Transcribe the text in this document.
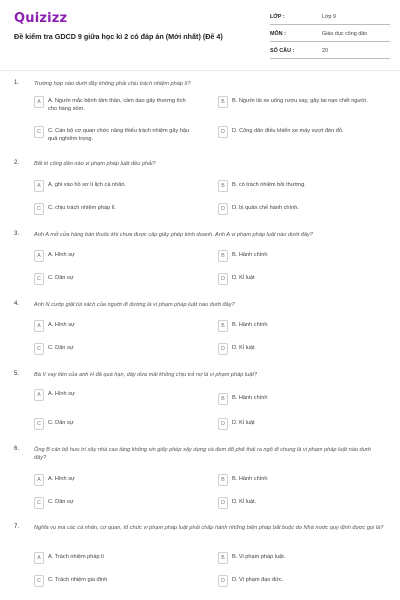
Quizizz
Đề kiểm tra GDCD 9 giữa học kì 2 có đáp án (Mới nhất) (Đề 4)
LỚP :	Lớp 9
MÔN :	Giáo dục công dân
SỐ CÂU :	20
1.	Trường hợp nào dưới đây không phải chịu trách nhiệm pháp lí?
A	A. Người mắc bệnh tâm thần, cầm dao gây thương tích cho hàng xóm.
B	B. Người lái xe uống rượu say, gây tai nạn chết người.
C	C. Cán bộ cơ quan chức năng thiếu trách nhiệm gây hậu quả nghiêm trọng.
D	D. Công dân điều khiển xe máy vượt đèn đỏ.
2.	Bất kì công dân nào vi phạm pháp luật đều phải?
A	A. ghi vào hồ sơ lí lịch cá nhân.	B	B. có trách nhiệm bồi thường.
C	C. chịu trách nhiệm pháp lí.	D	D. bị quản chế hành chính.
3.	Anh A mở cửa hàng bán thuốc khi chưa được cấp giấy phép kinh doanh. Anh A vi phạm pháp luật nào dưới đây?
A	A. Hình sự	B	B. Hành chính
C	C. Dân sự	D	D. Kỉ luật
4.	Anh N cướp giật túi xách của người đi đường là vi phạm pháp luật nào dưới đây?
A	A. Hình sự	B	B. Hành chính
C	C. Dân sự	D	D. Kỉ luật
5.	Bà V vay tiền của anh H đã quá hạn, dây dưa mãi không chịu trả nợ là vi phạm pháp luật?
A	A. Hình sự
B	B. Hành chính
C	C. Dân sự	D	D. Kỉ luật
6.	Ông B cán bộ hưu trí xây nhà cao tầng không xin giấy phép xây dựng và đem đổ phế thải ra ngõ đi chung là vi phạm pháp luật nào dưới đây?
A	A. Hình sự	B	B. Hành chính
C	C. Dân sự	D	D. Kỉ luật.
7.	Nghĩa vụ mà các cá nhân, cơ quan, tổ chức vi phạm pháp luật phải chấp hành những biện pháp bắt buộc do Nhà nước quy định được gọi là?
A	A. Trách nhiệm pháp lí	B	B. Vi phạm pháp luật.
C	C. Trách nhiệm gia đình	D	D. Vi phạm đạo đức.
